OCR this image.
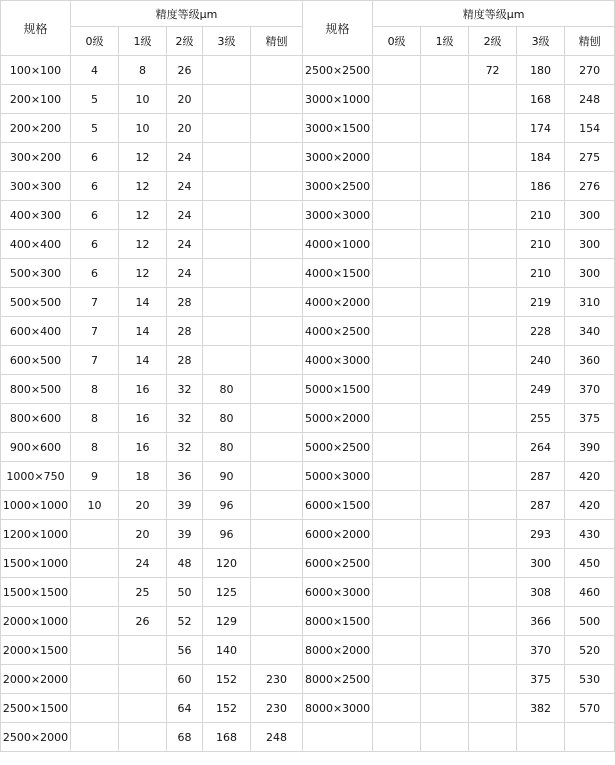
规格	精度等级μm					规格	精度等级μm				
	0级	1级	2级	3级	精刨		0级	1级	2级	3级	精刨
100×100	4	8	26			2500×2500			72	180	270
200×100	5	10	20			3000×1000				168	248
200×200	5	10	20			3000×1500				174	154
300×200	6	12	24			3000×2000				184	275
300×300	6	12	24			3000×2500				186	276
400×300	6	12	24			3000×3000				210	300
400×400	6	12	24			4000×1000				210	300
500×300	6	12	24			4000×1500				210	300
500×500	7	14	28			4000×2000				219	310
600×400	7	14	28			4000×2500				228	340
600×500	7	14	28			4000×3000				240	360
800×500	8	16	32	80		5000×1500				249	370
800×600	8	16	32	80		5000×2000				255	375
900×600	8	16	32	80		5000×2500				264	390
1000×750	9	18	36	90		5000×3000				287	420
1000×1000	10	20	39	96		6000×1500				287	420
1200×1000		20	39	96		6000×2000				293	430
1500×1000		24	48	120		6000×2500				300	450
1500×1500		25	50	125		6000×3000				308	460
2000×1000		26	52	129		8000×1500				366	500
2000×1500			56	140		8000×2000				370	520
2000×2000			60	152	230	8000×2500				375	530
2500×1500			64	152	230	8000×3000				382	570
2500×2000			68	168	248						
